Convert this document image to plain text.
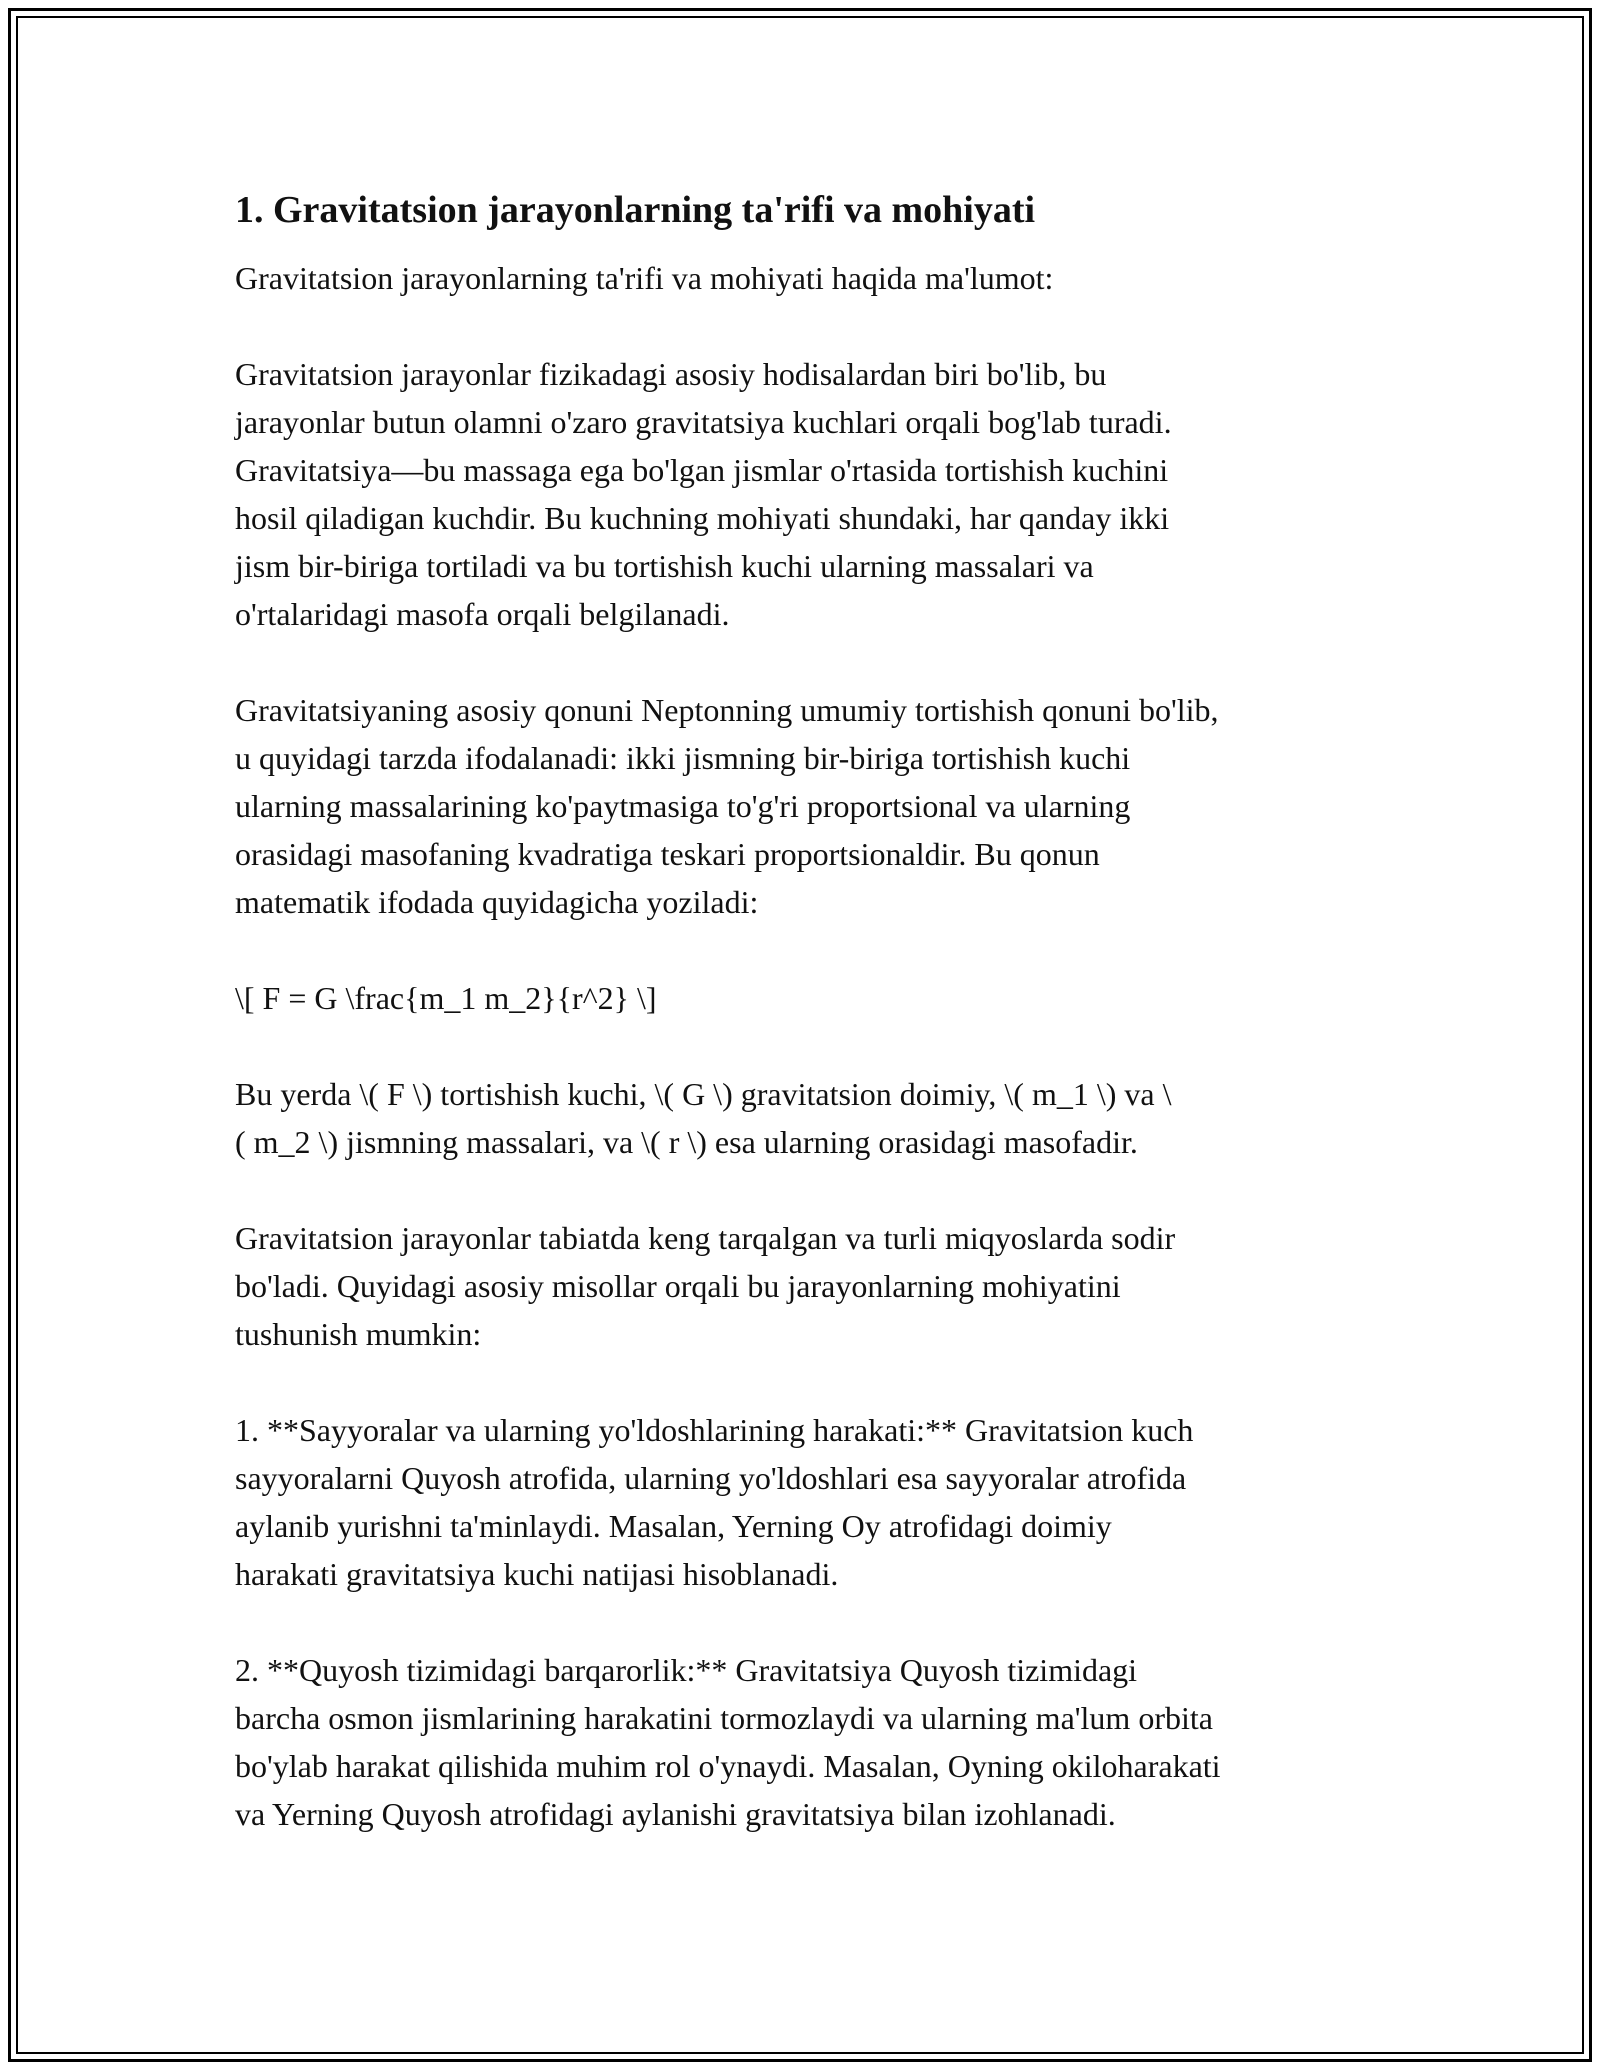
1. Gravitatsion jarayonlarning ta'rifi va mohiyati

Gravitatsion jarayonlarning ta'rifi va mohiyati haqida ma'lumot:

Gravitatsion jarayonlar fizikadagi asosiy hodisalardan biri bo'lib, bu
jarayonlar butun olamni o'zaro gravitatsiya kuchlari orqali bog'lab turadi.
Gravitatsiya—bu massaga ega bo'lgan jismlar o'rtasida tortishish kuchini
hosil qiladigan kuchdir. Bu kuchning mohiyati shundaki, har qanday ikki
jism bir-biriga tortiladi va bu tortishish kuchi ularning massalari va
o'rtalaridagi masofa orqali belgilanadi.

Gravitatsiyaning asosiy qonuni Neptonning umumiy tortishish qonuni bo'lib,
u quyidagi tarzda ifodalanadi: ikki jismning bir-biriga tortishish kuchi
ularning massalarining ko'paytmasiga to'g'ri proportsional va ularning
orasidagi masofaning kvadratiga teskari proportsionaldir. Bu qonun
matematik ifodada quyidagicha yoziladi:

\[ F = G \frac{m_1 m_2}{r^2} \]

Bu yerda \( F \) tortishish kuchi, \( G \) gravitatsion doimiy, \( m_1 \) va \
( m_2 \) jismning massalari, va \( r \) esa ularning orasidagi masofadir.

Gravitatsion jarayonlar tabiatda keng tarqalgan va turli miqyoslarda sodir
bo'ladi. Quyidagi asosiy misollar orqali bu jarayonlarning mohiyatini
tushunish mumkin:

1. **Sayyoralar va ularning yo'ldoshlarining harakati:** Gravitatsion kuch
sayyoralarni Quyosh atrofida, ularning yo'ldoshlari esa sayyoralar atrofida
aylanib yurishni ta'minlaydi. Masalan, Yerning Oy atrofidagi doimiy
harakati gravitatsiya kuchi natijasi hisoblanadi.

2. **Quyosh tizimidagi barqarorlik:** Gravitatsiya Quyosh tizimidagi
barcha osmon jismlarining harakatini tormozlaydi va ularning ma'lum orbita
bo'ylab harakat qilishida muhim rol o'ynaydi. Masalan, Oyning okiloharakati
va Yerning Quyosh atrofidagi aylanishi gravitatsiya bilan izohlanadi.
